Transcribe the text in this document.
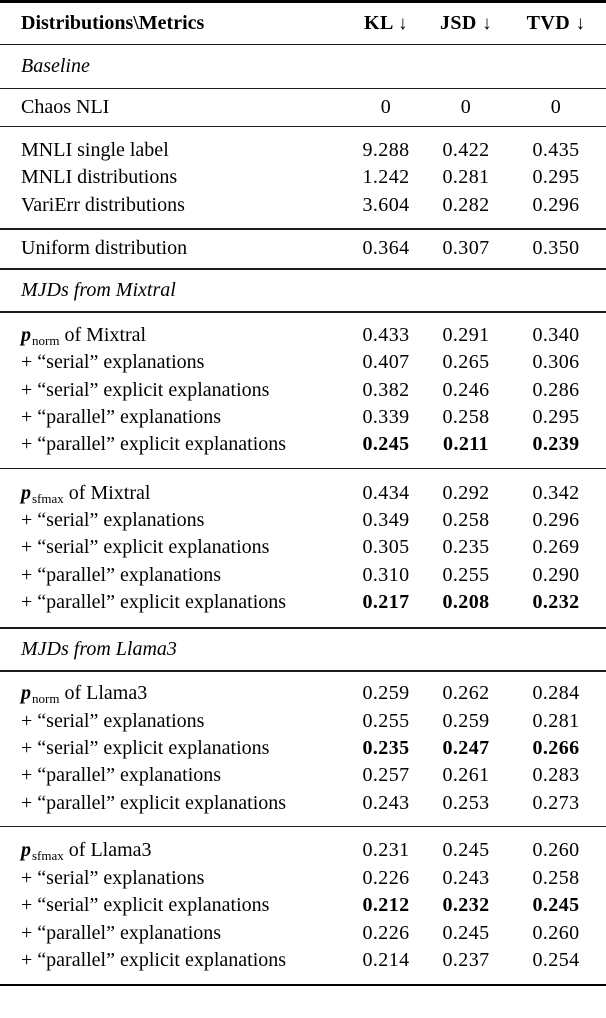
Distributions\Metrics	KL ↓	JSD ↓	TVD ↓
Baseline
Chaos NLI	0	0	0
MNLI single label	9.288	0.422	0.435
MNLI distributions	1.242	0.281	0.295
VariErr distributions	3.604	0.282	0.296
Uniform distribution	0.364	0.307	0.350
MJDs from Mixtral
$p_{norm}$ of Mixtral	0.433	0.291	0.340
+ “serial” explanations	0.407	0.265	0.306
+ “serial” explicit explanations	0.382	0.246	0.286
+ “parallel” explanations	0.339	0.258	0.295
+ “parallel” explicit explanations	0.245	0.211	0.239
$p_{sfmax}$ of Mixtral	0.434	0.292	0.342
+ “serial” explanations	0.349	0.258	0.296
+ “serial” explicit explanations	0.305	0.235	0.269
+ “parallel” explanations	0.310	0.255	0.290
+ “parallel” explicit explanations	0.217	0.208	0.232
MJDs from Llama3
$p_{norm}$ of Llama3	0.259	0.262	0.284
+ “serial” explanations	0.255	0.259	0.281
+ “serial” explicit explanations	0.235	0.247	0.266
+ “parallel” explanations	0.257	0.261	0.283
+ “parallel” explicit explanations	0.243	0.253	0.273
$p_{sfmax}$ of Llama3	0.231	0.245	0.260
+ “serial” explanations	0.226	0.243	0.258
+ “serial” explicit explanations	0.212	0.232	0.245
+ “parallel” explanations	0.226	0.245	0.260
+ “parallel” explicit explanations	0.214	0.237	0.254
